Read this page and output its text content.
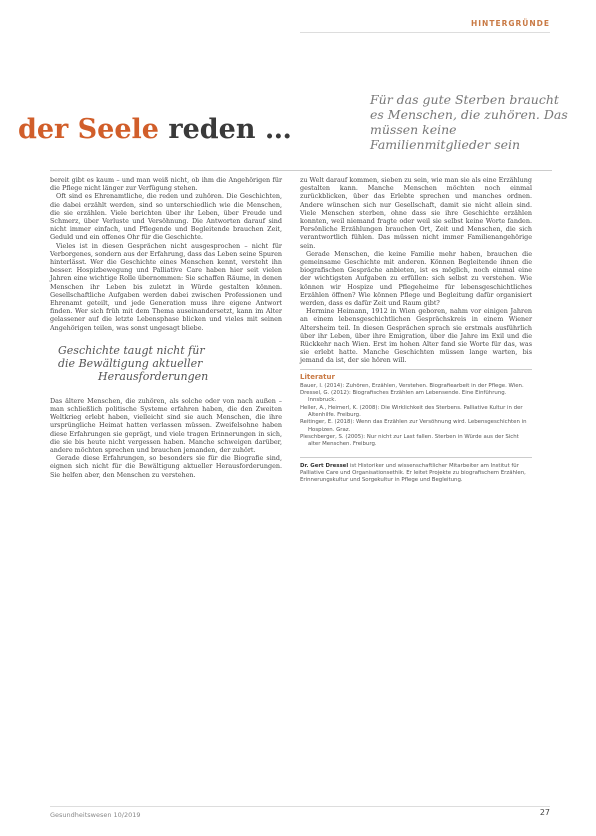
HINTERGRÜNDE
der Seele reden …

Für das gute Sterben braucht es Menschen, die zuhören. Das müssen keine Familienmitglieder sein

bereit gibt es kaum – und man weiß nicht, ob ihm die Angehörigen für die Pflege nicht länger zur Verfügung stehen.

Oft sind es Ehrenamtliche, die reden und zuhören. Die Geschichten, die dabei erzählt werden, sind so unterschiedlich wie die Menschen, die sie erzählen. Viele berichten über ihr Leben, über Freude und Schmerz, über Verluste und Versöhnung. Die Antworten darauf sind nicht immer einfach, und Pflegende und Begleitende brauchen Zeit, Geduld und ein offenes Ohr für die Geschichte.

Vieles ist in diesen Gesprächen nicht ausgesprochen – nicht für Verborgenes, sondern aus der Erfahrung, dass das Leben seine Spuren hinterlässt. Wer die Geschichte eines Menschen kennt, versteht ihn besser. Hospizbewegung und Palliative Care haben hier seit vielen Jahren eine wichtige Rolle übernommen: Sie schaffen Räume, in denen Menschen ihr Leben bis zuletzt in Würde gestalten können. Gesellschaftliche Aufgaben werden dabei zwischen Professionen und Ehrenamt geteilt, und jede Generation muss ihre eigene Antwort finden. Wer sich früh mit dem Thema auseinandersetzt, kann im Alter gelassener auf die letzte Lebensphase blicken und vieles mit seinen Angehörigen teilen, was sonst ungesagt bliebe.

Geschichte taugt nicht für
die Bewältigung aktueller
Herausforderungen

Das ältere Menschen, die zuhören, als solche oder von nach außen – man schließlich politische Systeme erfahren haben, die den Zweiten Weltkrieg erlebt haben, vielleicht sind sie auch Menschen, die ihre ursprüngliche Heimat hatten verlassen müssen. Zweifelsohne haben diese Erfahrungen sie geprägt, und viele tragen Erinnerungen in sich, die sie bis heute nicht vergessen haben. Manche schweigen darüber, andere möchten sprechen und brauchen jemanden, der zuhört.

Gerade diese Erfahrungen, so besonders sie für die Biografie sind, eignen sich nicht für die Bewältigung aktueller Herausforderungen. Sie helfen aber, den Menschen zu verstehen.

zu Welt darauf kommen, sieben zu sein, wie man sie als eine Erzählung gestalten kann. Manche Menschen möchten noch einmal zurückblicken, über das Erlebte sprechen und manches ordnen. Andere wünschen sich nur Gesellschaft, damit sie nicht allein sind. Viele Menschen sterben, ohne dass sie ihre Geschichte erzählen konnten, weil niemand fragte oder weil sie selbst keine Worte fanden. Persönliche Erzählungen brauchen Ort, Zeit und Menschen, die sich verantwortlich fühlen. Das müssen nicht immer Familienangehörige sein.

Gerade Menschen, die keine Familie mehr haben, brauchen die gemeinsame Geschichte mit anderen. Können Begleitende ihnen die biografischen Gespräche anbieten, ist es möglich, noch einmal eine der wichtigsten Aufgaben zu erfüllen: sich selbst zu verstehen. Wie können wir Hospize und Pflegeheime für lebensgeschichtliches Erzählen öffnen? Wie können Pflege und Begleitung dafür organisiert werden, dass es dafür Zeit und Raum gibt?

Hermine Heimann, 1912 in Wien geboren, nahm vor einigen Jahren an einem lebensgeschichtlichen Gesprächskreis in einem Wiener Altersheim teil. In diesen Gesprächen sprach sie erstmals ausführlich über ihr Leben, über ihre Emigration, über die Jahre im Exil und die Rückkehr nach Wien. Erst im hohen Alter fand sie Worte für das, was sie erlebt hatte. Manche Geschichten müssen lange warten, bis jemand da ist, der sie hören will.

Literatur
Bauer, I. (2014): Zuhören, Erzählen, Verstehen. Biografiearbeit in der Pflege. Wien.
Dressel, G. (2012): Biografisches Erzählen am Lebensende. Eine Einführung. Innsbruck.
Heller, A., Heimerl, K. (2008): Die Wirklichkeit des Sterbens. Palliative Kultur in der Altenhilfe. Freiburg.
Reitinger, E. (2018): Wenn das Erzählen zur Versöhnung wird. Lebensgeschichten in Hospizen. Graz.
Pleschberger, S. (2005): Nur nicht zur Last fallen. Sterben in Würde aus der Sicht alter Menschen. Freiburg.
Dr. Gert Dressel ist Historiker und wissenschaftlicher Mitarbeiter am Institut für Palliative Care und Organisationsethik. Er leitet Projekte zu biografischem Erzählen, Erinnerungskultur und Sorgekultur in Pflege und Begleitung.
Gesundheitswesen 10/2019	27
